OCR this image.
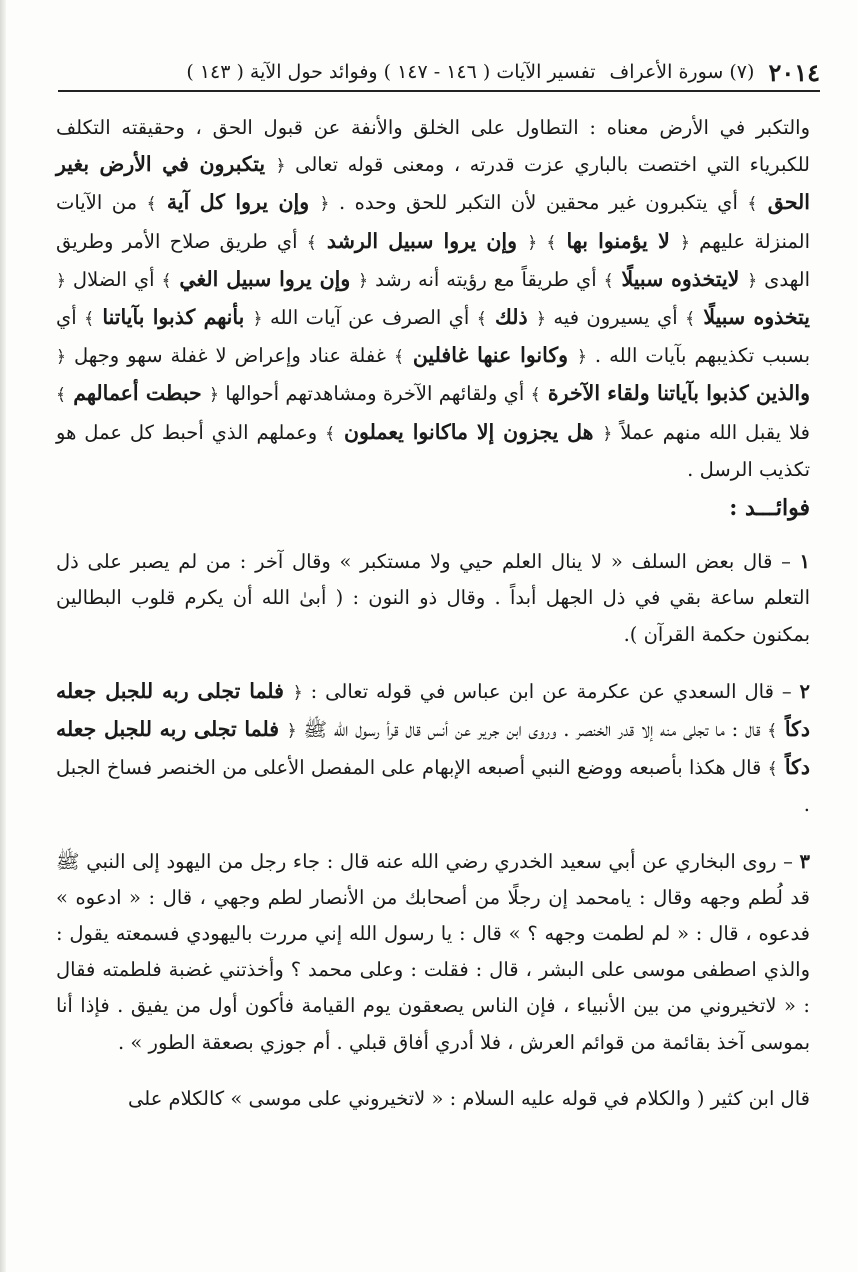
٢٠١٤
(٧) سورة الأعراف
تفسير الآيات ( ١٤٦ - ١٤٧ ) وفوائد حول الآية ( ١٤٣ )

والتكبر في الأرض معناه : التطاول على الخلق والأنفة عن قبول الحق ، وحقيقته التكلف للكبرياء التي اختصت بالباري عزت قدرته ، ومعنى قوله تعالى ﴿ يتكبرون في الأرض بغير الحق ﴾ أي يتكبرون غير محقين لأن التكبر للحق وحده . ﴿ وإن يروا كل آية ﴾ من الآيات المنزلة عليهم ﴿ لا يؤمنوا بها ﴾ ﴿ وإن يروا سبيل الرشد ﴾ أي طريق صلاح الأمر وطريق الهدى ﴿ لايتخذوه سبيلًا ﴾ أي طريقاً مع رؤيته أنه رشد ﴿ وإن يروا سبيل الغي ﴾ أي الضلال ﴿ يتخذوه سبيلًا ﴾ أي يسيرون فيه ﴿ ذلك ﴾ أي الصرف عن آيات الله ﴿ بأنهم كذبوا بآياتنا ﴾ أي بسبب تكذيبهم بآيات الله . ﴿ وكانوا عنها غافلين ﴾ غفلة عناد وإعراض لا غفلة سهو وجهل ﴿ والذين كذبوا بآياتنا ولقاء الآخرة ﴾ أي ولقائهم الآخرة ومشاهدتهم أحوالها ﴿ حبطت أعمالهم ﴾ فلا يقبل الله منهم عملاً ﴿ هل يجزون إلا ماكانوا يعملون ﴾ وعملهم الذي أحبط كل عمل هو تكذيب الرسل .

فوائـــد :

١ – قال بعض السلف « لا ينال العلم حيي ولا مستكبر » وقال آخر : من لم يصبر على ذل التعلم ساعة بقي في ذل الجهل أبداً . وقال ذو النون : ( أبىٰ الله أن يكرم قلوب البطالين بمكنون حكمة القرآن ).

٢ – قال السعدي عن عكرمة عن ابن عباس في قوله تعالى : ﴿ فلما تجلى ربه للجبل جعله دكاً ﴾ قال : ما تجلى منه إلا قدر الخنصر . وروى ابن جرير عن أنس قال قرأ رسول الله ﷺ ﴿ فلما تجلى ربه للجبل جعله دكاً ﴾ قال هكذا بأصبعه ووضع النبي أصبعه الإبهام على المفصل الأعلى من الخنصر فساخ الجبل .

٣ – روى البخاري عن أبي سعيد الخدري رضي الله عنه قال : جاء رجل من اليهود إلى النبي ﷺ قد لُطم وجهه وقال : يامحمد إن رجلًا من أصحابك من الأنصار لطم وجهي ، قال : « ادعوه » فدعوه ، قال : « لم لطمت وجهه ؟ » قال : يا رسول الله إني مررت باليهودي فسمعته يقول : والذي اصطفى موسى على البشر ، قال : فقلت : وعلى محمد ؟ وأخذتني غضبة فلطمته فقال : « لاتخيروني من بين الأنبياء ، فإن الناس يصعقون يوم القيامة فأكون أول من يفيق . فإذا أنا بموسى آخذ بقائمة من قوائم العرش ، فلا أدري أفاق قبلي . أم جوزي بصعقة الطور » .

قال ابن كثير ( والكلام في قوله عليه السلام : « لاتخيروني على موسى » كالكلام على
